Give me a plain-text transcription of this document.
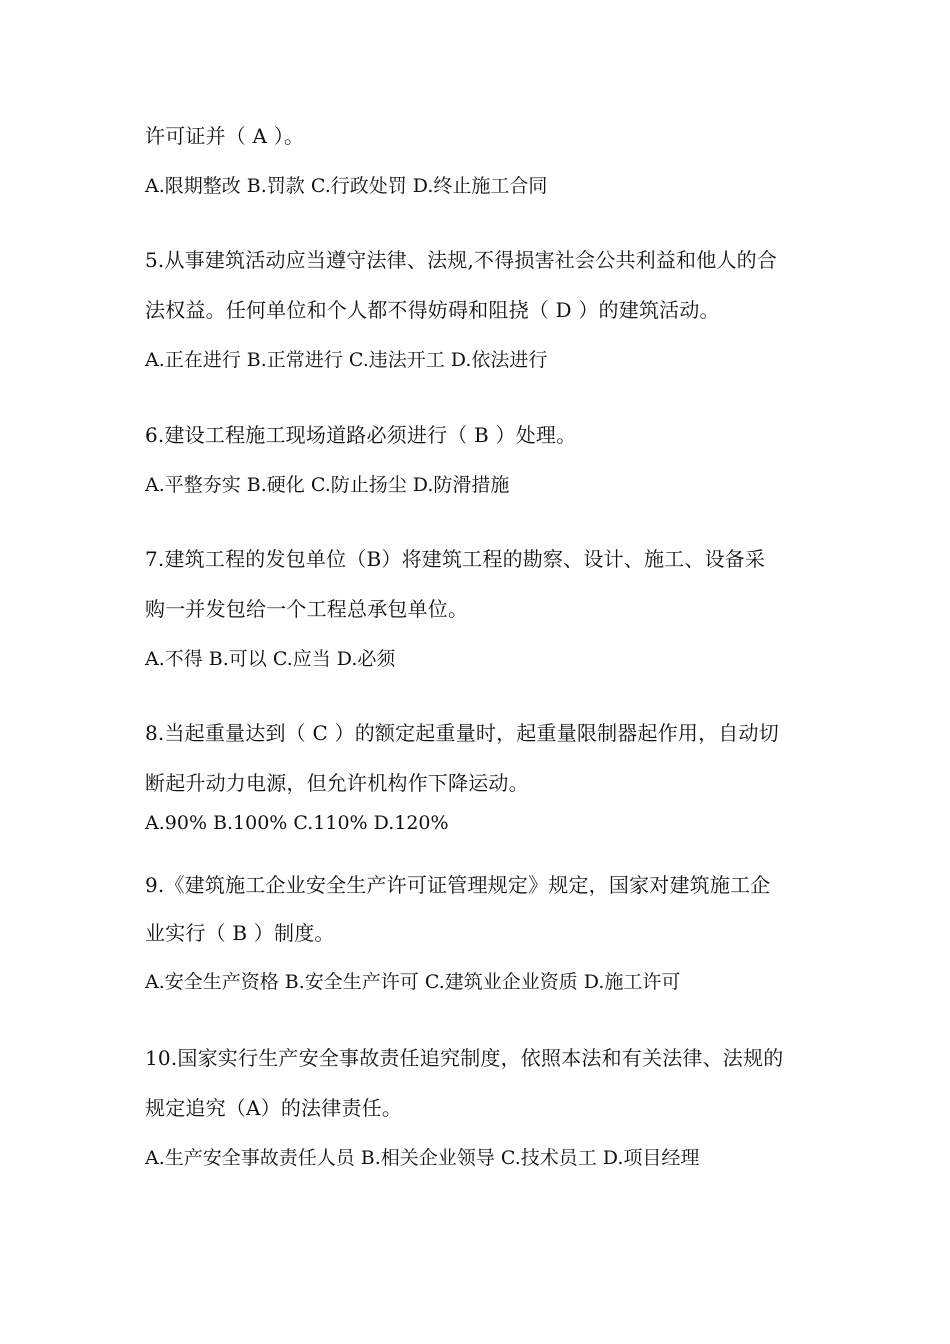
许可证并（ A ）。
A.限期整改 B.罚款 C.行政处罚 D.终止施工合同
5.从事建筑活动应当遵守法律、法规,不得损害社会公共利益和他人的合
法权益。任何单位和个人都不得妨碍和阻挠（ D ）的建筑活动。
A.正在进行 B.正常进行 C.违法开工 D.依法进行
6.建设工程施工现场道路必须进行（ B ）处理。
A.平整夯实 B.硬化 C.防止扬尘 D.防滑措施
7.建筑工程的发包单位（B）将建筑工程的勘察、设计、施工、设备采
购一并发包给一个工程总承包单位。
A.不得 B.可以 C.应当 D.必须
8.当起重量达到（ C ）的额定起重量时，起重量限制器起作用，自动切
断起升动力电源，但允许机构作下降运动。
A.90% B.100% C.110% D.120%
9.《建筑施工企业安全生产许可证管理规定》规定，国家对建筑施工企
业实行（ B ）制度。
A.安全生产资格 B.安全生产许可 C.建筑业企业资质 D.施工许可
10.国家实行生产安全事故责任追究制度，依照本法和有关法律、法规的
规定追究（A）的法律责任。
A.生产安全事故责任人员 B.相关企业领导 C.技术员工 D.项目经理
